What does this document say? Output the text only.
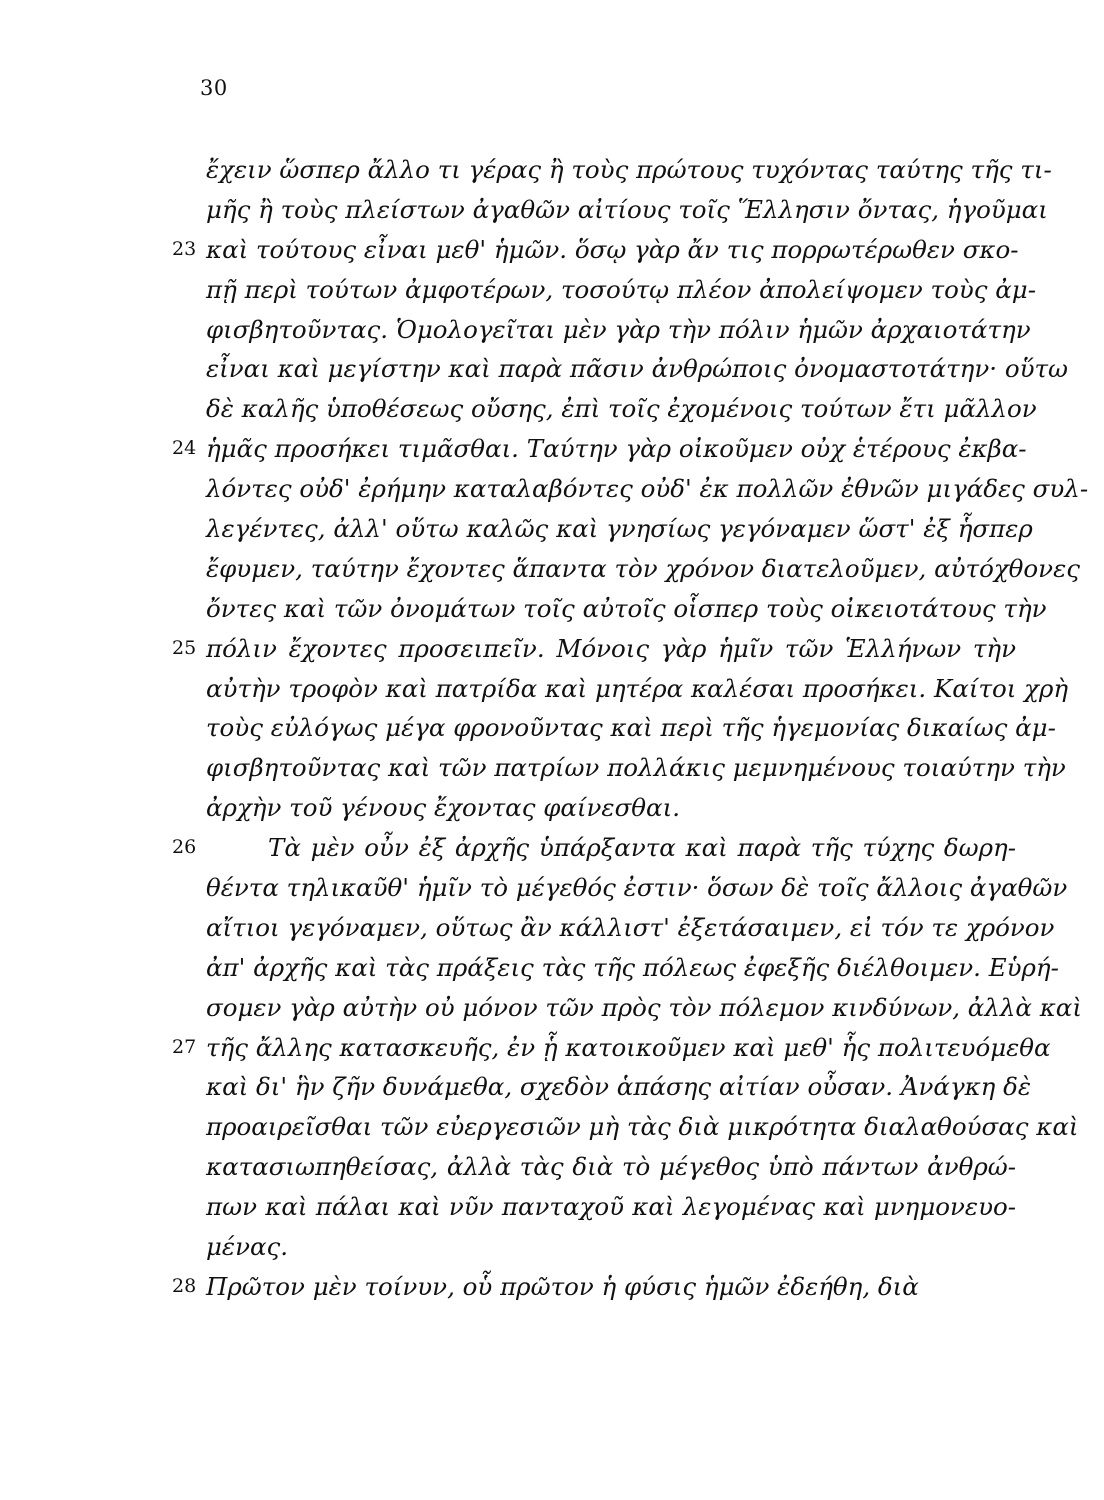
30
23
24
25
26
27
28
ἔχειν ὥσπερ ἄλλο τι γέρας ἢ τοὺς πρώτους τυχόντας ταύτης τῆς τι-
μῆς ἢ τοὺς πλείστων ἀγαθῶν αἰτίους τοῖς Ἕλλησιν ὄντας, ἡγοῦμαι
καὶ τούτους εἶναι μεθ' ἡμῶν. ὅσῳ γὰρ ἄν τις πορρωτέρωθεν σκο-
πῇ περὶ τούτων ἀμφοτέρων, τοσούτῳ πλέον ἀπολείψομεν τοὺς ἀμ-
φισβητοῦντας. Ὁμολογεῖται μὲν γὰρ τὴν πόλιν ἡμῶν ἀρχαιοτάτην
εἶναι καὶ μεγίστην καὶ παρὰ πᾶσιν ἀνθρώποις ὀνομαστοτάτην· οὕτω
δὲ καλῆς ὑποθέσεως οὔσης, ἐπὶ τοῖς ἐχομένοις τούτων ἔτι μᾶλλον
ἡμᾶς προσήκει τιμᾶσθαι. Ταύτην γὰρ οἰκοῦμεν οὐχ ἑτέρους ἐκβα-
λόντες οὐδ' ἐρήμην καταλαβόντες οὐδ' ἐκ πολλῶν ἐθνῶν μιγάδες συλ-
λεγέντες, ἀλλ' οὕτω καλῶς καὶ γνησίως γεγόναμεν ὥστ' ἐξ ἧσπερ
ἔφυμεν, ταύτην ἔχοντες ἅπαντα τὸν χρόνον διατελοῦμεν, αὐτόχθονες
ὄντες καὶ τῶν ὀνομάτων τοῖς αὐτοῖς οἷσπερ τοὺς οἰκειοτάτους τὴν
πόλιν ἔχοντες προσειπεῖν. Μόνοις γὰρ ἡμῖν τῶν Ἑλλήνων τὴν
αὐτὴν τροφὸν καὶ πατρίδα καὶ μητέρα καλέσαι προσήκει. Καίτοι χρὴ
τοὺς εὐλόγως μέγα φρονοῦντας καὶ περὶ τῆς ἡγεμονίας δικαίως ἀμ-
φισβητοῦντας καὶ τῶν πατρίων πολλάκις μεμνημένους τοιαύτην τὴν
ἀρχὴν τοῦ γένους ἔχοντας φαίνεσθαι.
Τὰ μὲν οὖν ἐξ ἀρχῆς ὑπάρξαντα καὶ παρὰ τῆς τύχης δωρη-
θέντα τηλικαῦθ' ἡμῖν τὸ μέγεθός ἐστιν· ὅσων δὲ τοῖς ἄλλοις ἀγαθῶν
αἴτιοι γεγόναμεν, οὕτως ἂν κάλλιστ' ἐξετάσαιμεν, εἰ τόν τε χρόνον
ἀπ' ἀρχῆς καὶ τὰς πράξεις τὰς τῆς πόλεως ἐφεξῆς διέλθοιμεν. Εὑρή-
σομεν γὰρ αὐτὴν οὐ μόνον τῶν πρὸς τὸν πόλεμον κινδύνων, ἀλλὰ καὶ
τῆς ἄλλης κατασκευῆς, ἐν ᾗ κατοικοῦμεν καὶ μεθ' ἧς πολιτευόμεθα
καὶ δι' ἣν ζῆν δυνάμεθα, σχεδὸν ἁπάσης αἰτίαν οὖσαν. Ἀνάγκη δὲ
προαιρεῖσθαι τῶν εὐεργεσιῶν μὴ τὰς διὰ μικρότητα διαλαθούσας καὶ
κατασιωπηθείσας, ἀλλὰ τὰς διὰ τὸ μέγεθος ὑπὸ πάντων ἀνθρώ-
πων καὶ πάλαι καὶ νῦν πανταχοῦ καὶ λεγομένας καὶ μνημονευο-
μένας.
Πρῶτον μὲν τοίνυν, οὗ πρῶτον ἡ φύσις ἡμῶν ἐδεήθη, διὰ
